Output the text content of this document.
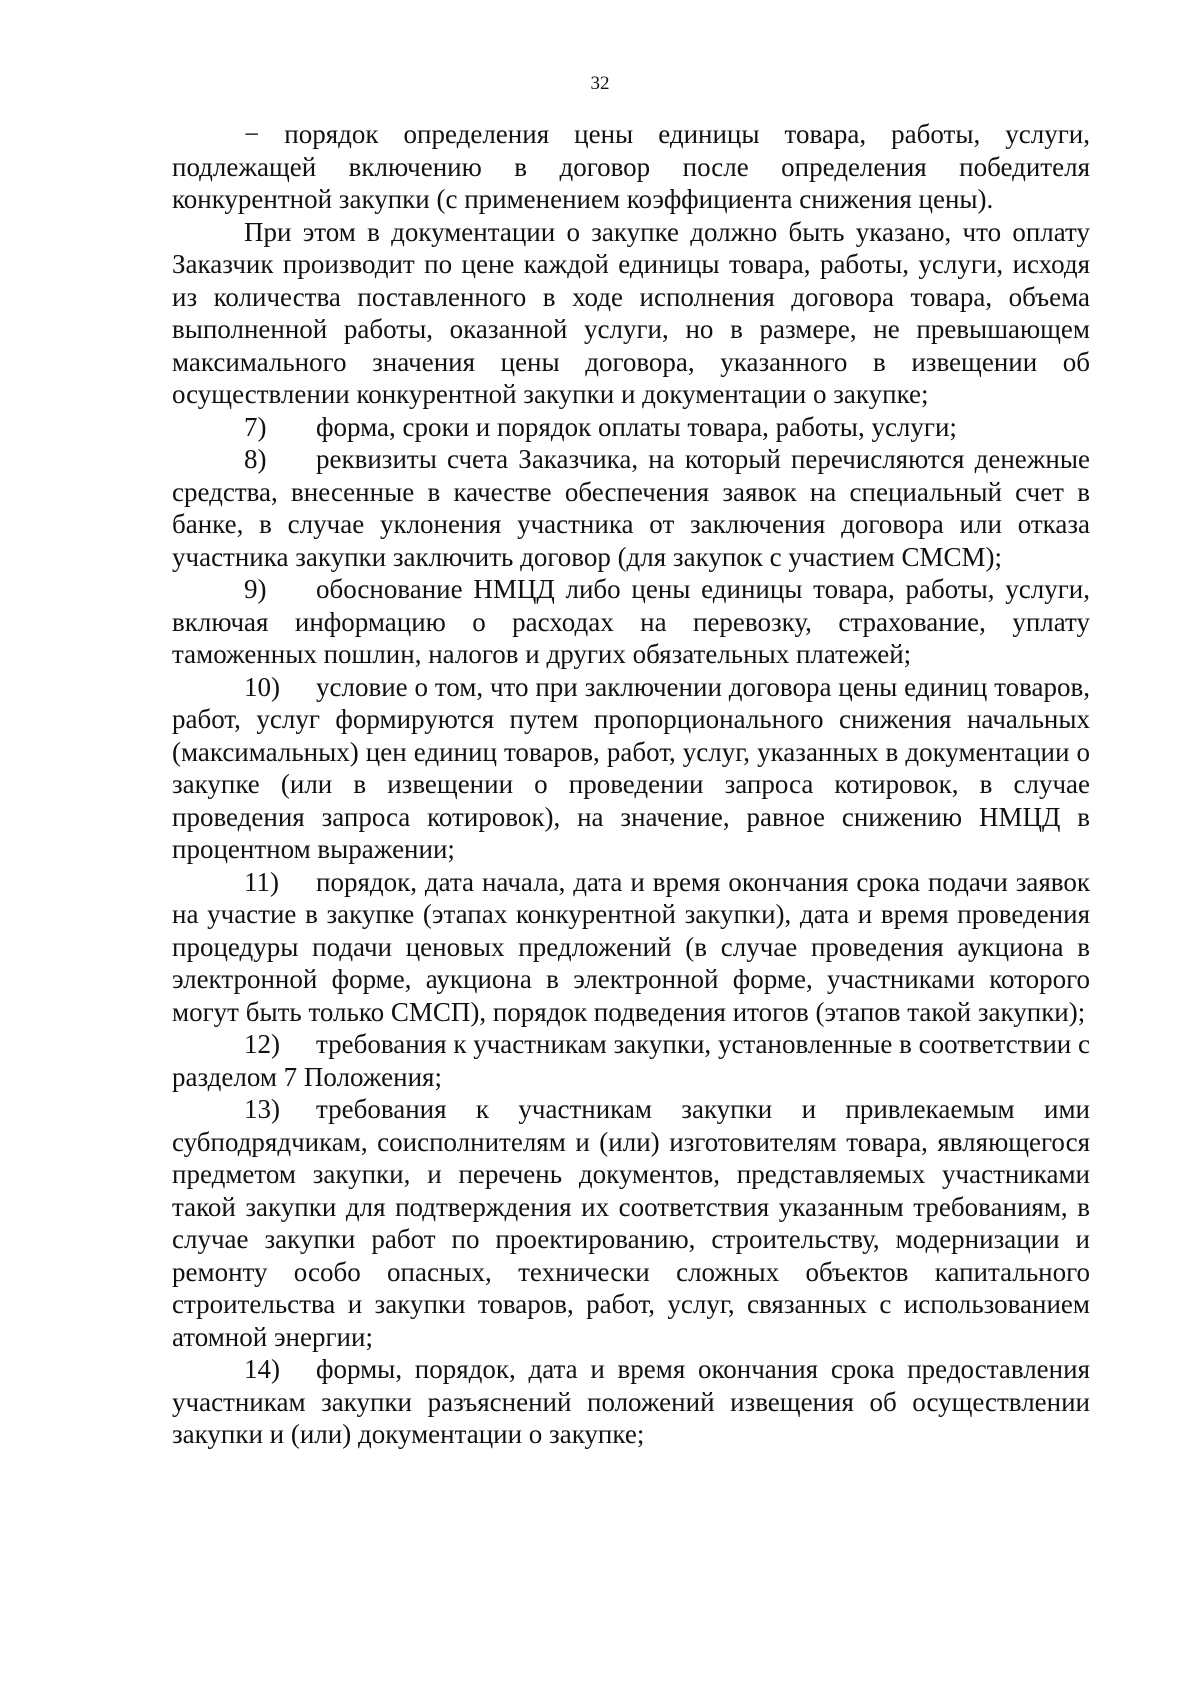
32

− порядок определения цены единицы товара, работы, услуги, подлежащей включению в договор после определения победителя конкурентной закупки (с применением коэффициента снижения цены).

При этом в документации о закупке должно быть указано, что оплату Заказчик производит по цене каждой единицы товара, работы, услуги, исходя из количества поставленного в ходе исполнения договора товара, объема выполненной работы, оказанной услуги, но в размере, не превышающем максимального значения цены договора, указанного в извещении об осуществлении конкурентной закупки и документации о закупке;

7) форма, сроки и порядок оплаты товара, работы, услуги;

8) реквизиты счета Заказчика, на который перечисляются денежные средства, внесенные в качестве обеспечения заявок на специальный счет в банке, в случае уклонения участника от заключения договора или отказа участника закупки заключить договор (для закупок с участием СМСМ);

9) обоснование НМЦД либо цены единицы товара, работы, услуги, включая информацию о расходах на перевозку, страхование, уплату таможенных пошлин, налогов и других обязательных платежей;

10) условие о том, что при заключении договора цены единиц товаров, работ, услуг формируются путем пропорционального снижения начальных (максимальных) цен единиц товаров, работ, услуг, указанных в документации о закупке (или в извещении о проведении запроса котировок, в случае проведения запроса котировок), на значение, равное снижению НМЦД в процентном выражении;

11) порядок, дата начала, дата и время окончания срока подачи заявок на участие в закупке (этапах конкурентной закупки), дата и время проведения процедуры подачи ценовых предложений (в случае проведения аукциона в электронной форме, аукциона в электронной форме, участниками которого могут быть только СМСП), порядок подведения итогов (этапов такой закупки);

12) требования к участникам закупки, установленные в соответствии с разделом 7 Положения;

13) требования к участникам закупки и привлекаемым ими субподрядчикам, соисполнителям и (или) изготовителям товара, являющегося предметом закупки, и перечень документов, представляемых участниками такой закупки для подтверждения их соответствия указанным требованиям, в случае закупки работ по проектированию, строительству, модернизации и ремонту особо опасных, технически сложных объектов капитального строительства и закупки товаров, работ, услуг, связанных с использованием атомной энергии;

14) формы, порядок, дата и время окончания срока предоставления участникам закупки разъяснений положений извещения об осуществлении закупки и (или) документации о закупке;
